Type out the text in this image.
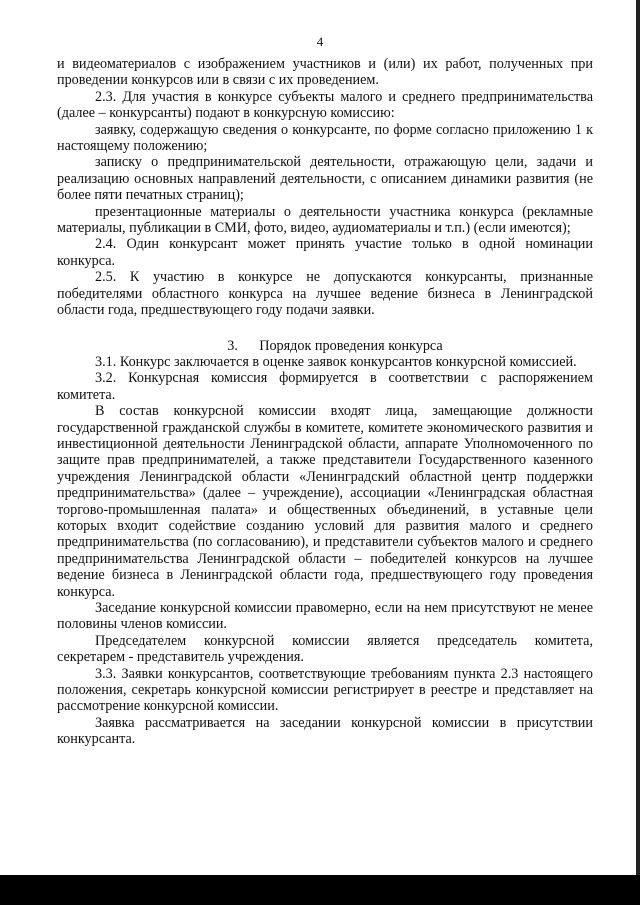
4

и видеоматериалов с изображением участников и (или) их работ, полученных при проведении конкурсов или в связи с их проведением.

2.3. Для участия в конкурсе субъекты малого и среднего предпринимательства (далее – конкурсанты) подают в конкурсную комиссию:

заявку, содержащую сведения о конкурсанте, по форме согласно приложению 1 к настоящему положению;

записку о предпринимательской деятельности, отражающую цели, задачи и реализацию основных направлений деятельности, с описанием динамики развития (не более пяти печатных страниц);

презентационные материалы о деятельности участника конкурса (рекламные материалы, публикации в СМИ, фото, видео, аудиоматериалы и т.п.) (если имеются);

2.4. Один конкурсант может принять участие только в одной номинации конкурса.

2.5. К участию в конкурсе не допускаются конкурсанты, признанные победителями областного конкурса на лучшее ведение бизнеса в Ленинградской области года, предшествующего году подачи заявки.

3.      Порядок проведения конкурса

3.1. Конкурс заключается в оценке заявок конкурсантов конкурсной комиссией.

3.2. Конкурсная комиссия формируется в соответствии с распоряжением комитета.

В состав конкурсной комиссии входят лица, замещающие должности государственной гражданской службы в комитете, комитете экономического развития и инвестиционной деятельности Ленинградской области, аппарате Уполномоченного по защите прав предпринимателей, а также представители Государственного казенного учреждения Ленинградской области «Ленинградский областной центр поддержки предпринимательства» (далее – учреждение), ассоциации «Ленинградская областная торгово-промышленная палата» и общественных объединений, в уставные цели которых входит содействие созданию условий для развития малого и среднего предпринимательства (по согласованию), и представители субъектов малого и среднего предпринимательства Ленинградской области – победителей конкурсов на лучшее ведение бизнеса в Ленинградской области года, предшествующего году проведения конкурса.

Заседание конкурсной комиссии правомерно, если на нем присутствуют не менее половины членов комиссии.

Председателем конкурсной комиссии является председатель комитета, секретарем - представитель учреждения.

3.3. Заявки конкурсантов, соответствующие требованиям пункта 2.3 настоящего положения, секретарь конкурсной комиссии регистрирует в реестре и представляет на рассмотрение конкурсной комиссии.

Заявка рассматривается на заседании конкурсной комиссии в присутствии конкурсанта.
